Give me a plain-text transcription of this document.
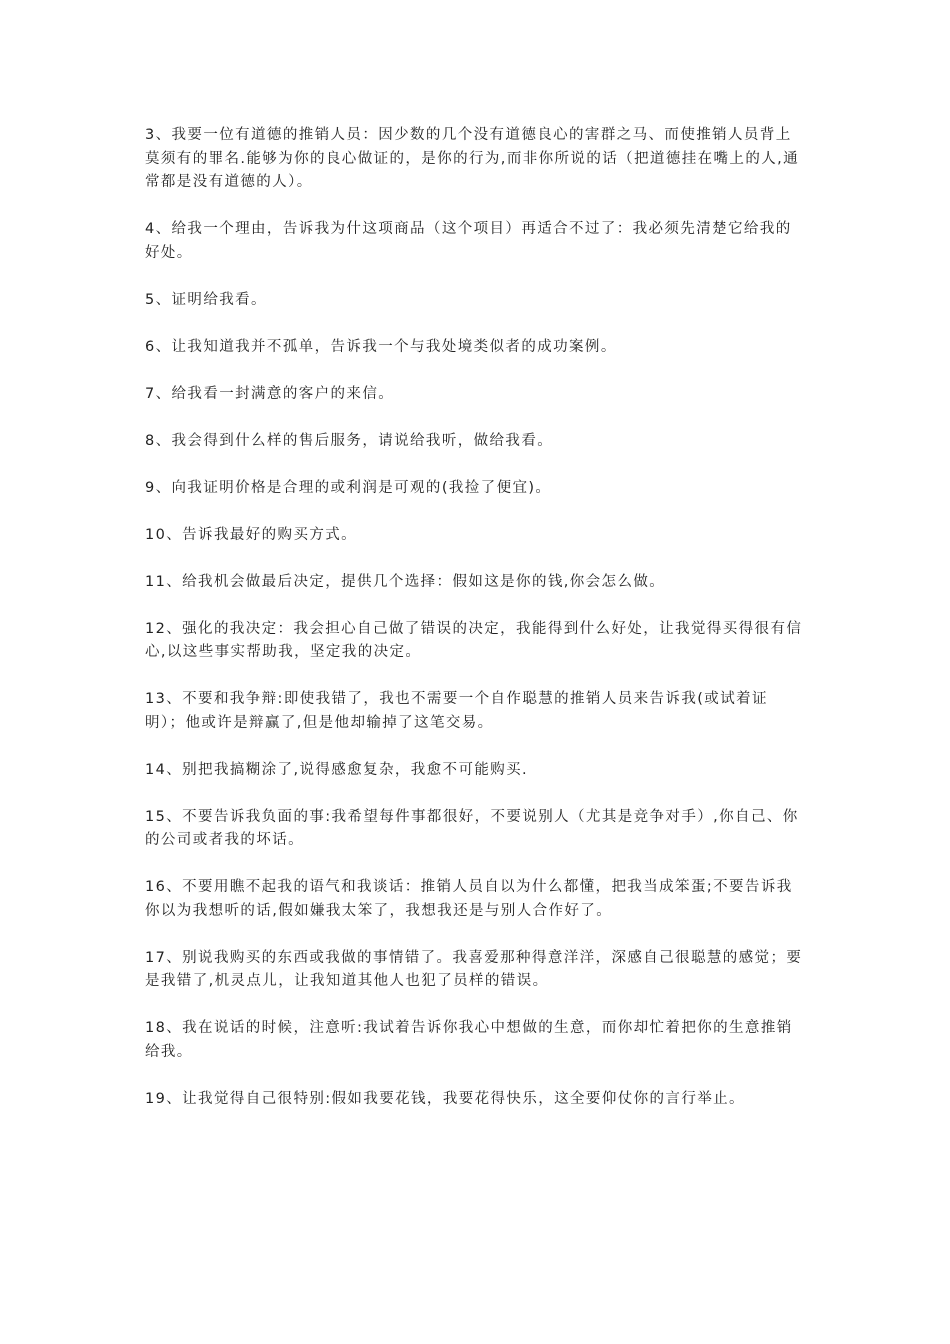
3、我要一位有道德的推销人员：因少数的几个没有道德良心的害群之马、而使推销人员背上莫须有的罪名.能够为你的良心做证的，是你的行为,而非你所说的话（把道德挂在嘴上的人,通常都是没有道德的人）。

4、给我一个理由，告诉我为什这项商品（这个项目）再适合不过了：我必须先清楚它给我的好处。

5、证明给我看。

6、让我知道我并不孤单，告诉我一个与我处境类似者的成功案例。

7、给我看一封满意的客户的来信。

8、我会得到什么样的售后服务，请说给我听，做给我看。

9、向我证明价格是合理的或利润是可观的(我捡了便宜)。

10、告诉我最好的购买方式。

11、给我机会做最后决定，提供几个选择：假如这是你的钱,你会怎么做。

12、强化的我决定：我会担心自己做了错误的决定，我能得到什么好处，让我觉得买得很有信心,以这些事实帮助我，坚定我的决定。

13、不要和我争辩:即使我错了，我也不需要一个自作聪慧的推销人员来告诉我(或试着证明）；他或许是辩赢了,但是他却输掉了这笔交易。

14、别把我搞糊涂了,说得感愈复杂，我愈不可能购买.

15、不要告诉我负面的事:我希望每件事都很好，不要说别人（尤其是竞争对手）,你自己、你的公司或者我的坏话。

16、不要用瞧不起我的语气和我谈话：推销人员自以为什么都懂，把我当成笨蛋;不要告诉我你以为我想听的话,假如嫌我太笨了，我想我还是与别人合作好了。

17、别说我购买的东西或我做的事情错了。我喜爱那种得意洋洋，深感自己很聪慧的感觉；要是我错了,机灵点儿，让我知道其他人也犯了员样的错误。

18、我在说话的时候，注意听:我试着告诉你我心中想做的生意，而你却忙着把你的生意推销给我。

19、让我觉得自己很特别:假如我要花钱，我要花得快乐，这全要仰仗你的言行举止。
